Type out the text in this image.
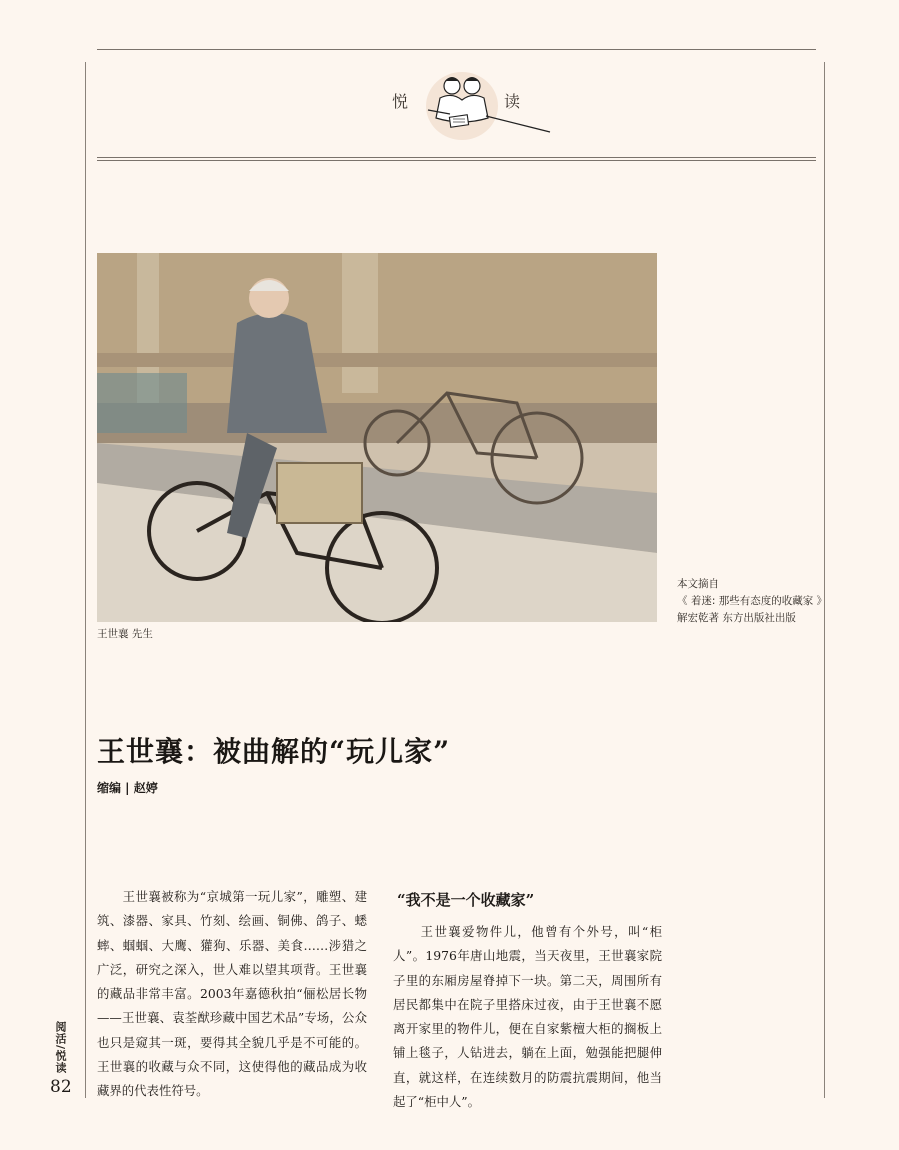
悦	读
王世襄 先生
本文摘自
《 着迷: 那些有态度的收藏家 》
解宏乾著 东方出版社出版
王世襄：被曲解的“玩儿家”
缩编 | 赵婷
　　王世襄被称为“京城第一玩儿家”，雕塑、建筑、漆器、家具、竹刻、绘画、铜佛、鸽子、蟋蟀、蝈蝈、大鹰、獾狗、乐器、美食……涉猎之广泛，研究之深入，世人难以望其项背。王世襄的藏品非常丰富。2003年嘉德秋拍“俪松居长物——王世襄、袁荃猷珍藏中国艺术品”专场，公众也只是窥其一斑，要得其全貌几乎是不可能的。王世襄的收藏与众不同，这使得他的藏品成为收藏界的代表性符号。
“我不是一个收藏家”
　　王世襄爱物件儿，他曾有个外号，叫“柜人”。1976年唐山地震，当天夜里，王世襄家院子里的东厢房屋脊掉下一块。第二天，周围所有居民都集中在院子里搭床过夜，由于王世襄不愿离开家里的物件儿，便在自家紫檀大柜的搁板上铺上毯子，人钻进去，躺在上面，勉强能把腿伸直，就这样，在连续数月的防震抗震期间，他当起了“柜中人”。
阅活/悦读
82
